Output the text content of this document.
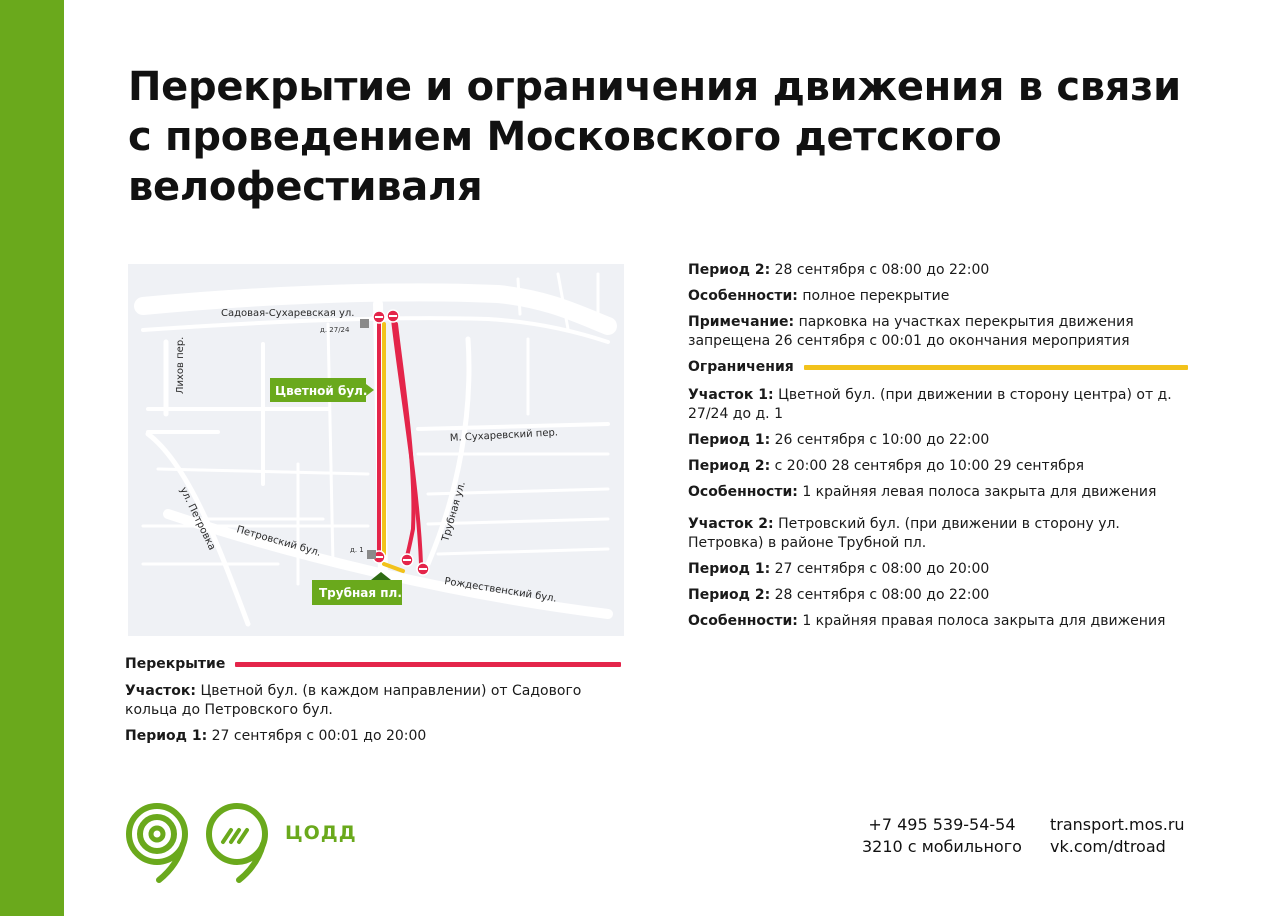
Перекрытие и ограничения движения в связи с проведением Московского детского велофестиваля
Садовая-Сухаревская ул.
Лихов пер.
М. Сухаревский пер.
ул. Петровка Петровский бул.	Трубная ул.
Рождественский бул.
д. 27/24
д. 1
Цветной бул.
Трубная пл.

Период 2: 28 сентября с 08:00 до 22:00

Особенности: полное перекрытие

Примечание: парковка на участках перекрытия движения запрещена 26 сентября с 00:01 до окончания мероприятия

Ограничения

Участок 1: Цветной бул. (при движении в сторону центра) от д. 27/24 до д. 1

Период 1: 26 сентября с 10:00 до 22:00

Период 2: с 20:00 28 сентября до 10:00 29 сентября

Особенности: 1 крайняя левая полоса закрыта для движения

Участок 2: Петровский бул. (при движении в сторону ул. Петровка) в районе Трубной пл.

Период 1: 27 сентября с 08:00 до 20:00

Период 2: 28 сентября с 08:00 до 22:00

Особенности: 1 крайняя правая полоса закрыта для движения

Перекрытие

Участок: Цветной бул. (в каждом направлении) от Садового кольца до Петровского бул.

Период 1: 27 сентября с 00:01 до 20:00

ЦОДД	+7 495 539-54-54
3210 с мобильного
transport.mos.ru
vk.com/dtroad
